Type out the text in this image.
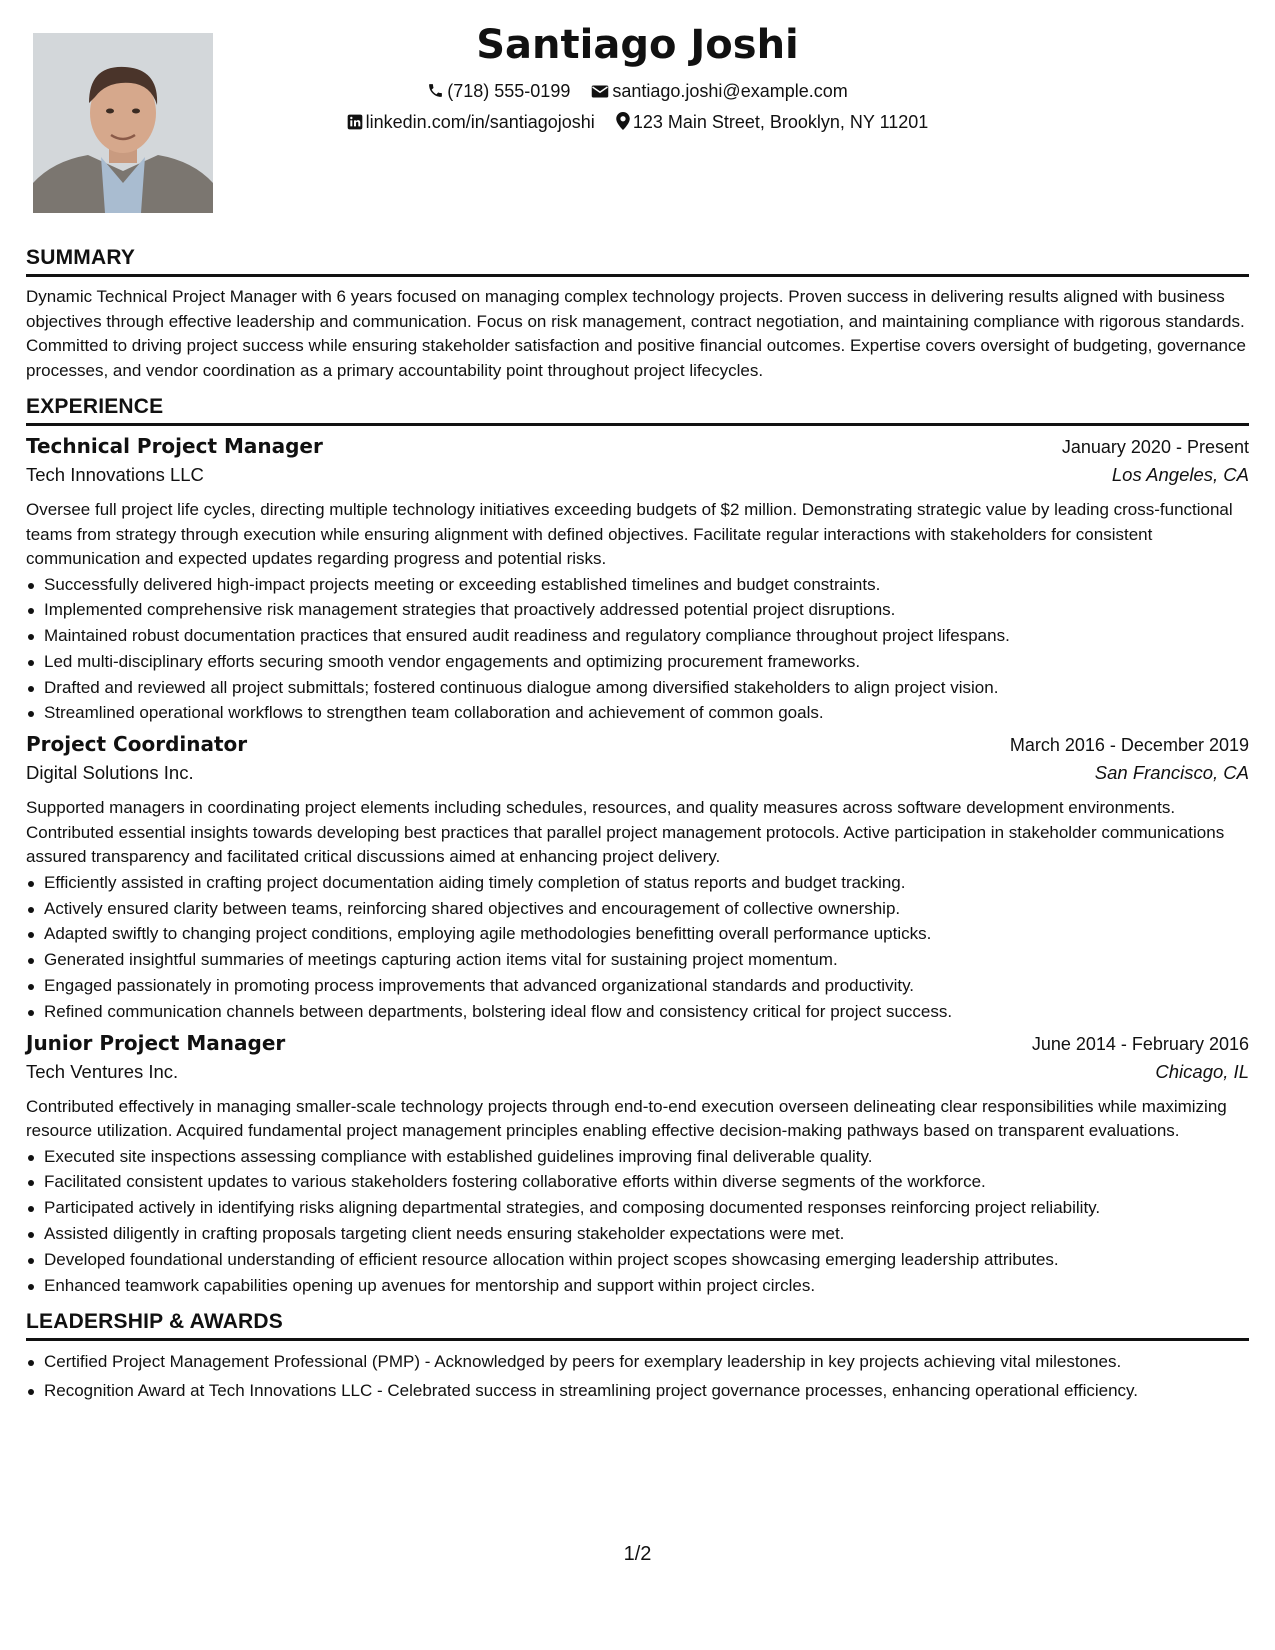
Santiago Joshi
(718) 555-0199 santiago.joshi@example.com
linkedin.com/in/santiagojoshi 123 Main Street, Brooklyn, NY 11201
SUMMARY

Dynamic Technical Project Manager with 6 years focused on managing complex technology projects. Proven success in delivering results aligned with business objectives through effective leadership and communication. Focus on risk management, contract negotiation, and maintaining compliance with rigorous standards. Committed to driving project success while ensuring stakeholder satisfaction and positive financial outcomes. Expertise covers oversight of budgeting, governance processes, and vendor coordination as a primary accountability point throughout project lifecycles.

EXPERIENCE
Technical Project Manager	January 2020 - Present
Tech Innovations LLC	Los Angeles, CA

Oversee full project life cycles, directing multiple technology initiatives exceeding budgets of $2 million. Demonstrating strategic value by leading cross-functional teams from strategy through execution while ensuring alignment with defined objectives. Facilitate regular interactions with stakeholders for consistent communication and expected updates regarding progress and potential risks.

Successfully delivered high-impact projects meeting or exceeding established timelines and budget constraints.
Implemented comprehensive risk management strategies that proactively addressed potential project disruptions.
Maintained robust documentation practices that ensured audit readiness and regulatory compliance throughout project lifespans.
Led multi-disciplinary efforts securing smooth vendor engagements and optimizing procurement frameworks.
Drafted and reviewed all project submittals; fostered continuous dialogue among diversified stakeholders to align project vision.
Streamlined operational workflows to strengthen team collaboration and achievement of common goals.
Project Coordinator	March 2016 - December 2019
Digital Solutions Inc.	San Francisco, CA

Supported managers in coordinating project elements including schedules, resources, and quality measures across software development environments. Contributed essential insights towards developing best practices that parallel project management protocols. Active participation in stakeholder communications assured transparency and facilitated critical discussions aimed at enhancing project delivery.

Efficiently assisted in crafting project documentation aiding timely completion of status reports and budget tracking.
Actively ensured clarity between teams, reinforcing shared objectives and encouragement of collective ownership.
Adapted swiftly to changing project conditions, employing agile methodologies benefitting overall performance upticks.
Generated insightful summaries of meetings capturing action items vital for sustaining project momentum.
Engaged passionately in promoting process improvements that advanced organizational standards and productivity.
Refined communication channels between departments, bolstering ideal flow and consistency critical for project success.
Junior Project Manager	June 2014 - February 2016
Tech Ventures Inc.	Chicago, IL

Contributed effectively in managing smaller-scale technology projects through end-to-end execution overseen delineating clear responsibilities while maximizing resource utilization. Acquired fundamental project management principles enabling effective decision-making pathways based on transparent evaluations.

Executed site inspections assessing compliance with established guidelines improving final deliverable quality.
Facilitated consistent updates to various stakeholders fostering collaborative efforts within diverse segments of the workforce.
Participated actively in identifying risks aligning departmental strategies, and composing documented responses reinforcing project reliability.
Assisted diligently in crafting proposals targeting client needs ensuring stakeholder expectations were met.
Developed foundational understanding of efficient resource allocation within project scopes showcasing emerging leadership attributes.
Enhanced teamwork capabilities opening up avenues for mentorship and support within project circles.
LEADERSHIP & AWARDS
Certified Project Management Professional (PMP) - Acknowledged by peers for exemplary leadership in key projects achieving vital milestones.
Recognition Award at Tech Innovations LLC - Celebrated success in streamlining project governance processes, enhancing operational efficiency.
1/2
